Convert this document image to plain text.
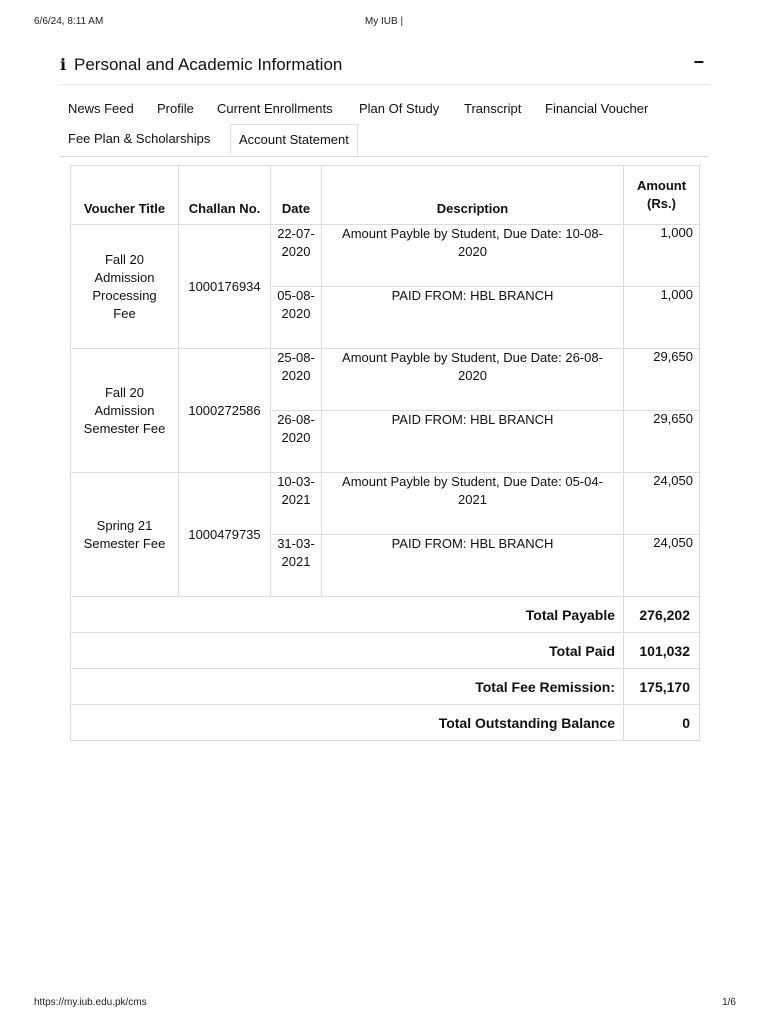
6/6/24, 8:11 AM	My IUB |
i Personal and Academic Information	−
News Feed	Profile	Current Enrollments	Plan Of Study	Transcript	Financial Voucher
Fee Plan & Scholarships	Account Statement
Voucher Title	Challan No.	Date	Description	Amount (Rs.)
Fall 20 Admission Processing Fee	1000176934	22-07-2020	Amount Payble by Student, Due Date: 10-08-2020	1,000
		05-08-2020	PAID FROM: HBL BRANCH	1,000
Fall 20 Admission Semester Fee	1000272586	25-08-2020	Amount Payble by Student, Due Date: 26-08-2020	29,650
		26-08-2020	PAID FROM: HBL BRANCH	29,650
Spring 21 Semester Fee	1000479735	10-03-2021	Amount Payble by Student, Due Date: 05-04-2021	24,050
		31-03-2021	PAID FROM: HBL BRANCH	24,050
Total Payable				276,202
Total Paid				101,032
Total Fee Remission:				175,170
Total Outstanding Balance				0
https://my.iub.edu.pk/cms	1/6
